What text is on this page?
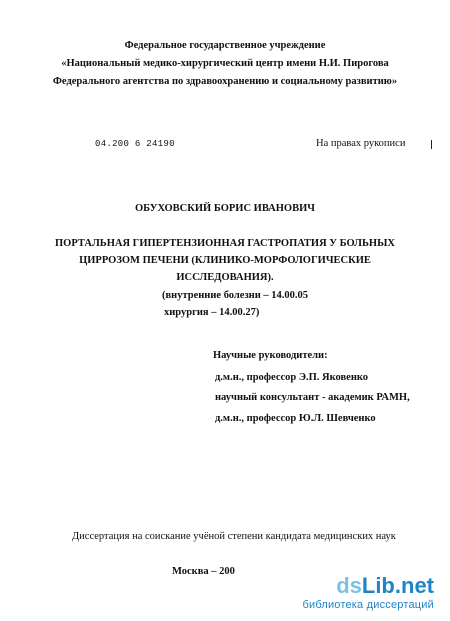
Федеральное государственное учреждение
«Национальный медико-хирургический центр имени Н.И. Пирогова
Федерального агентства по здравоохранению и социальному развитию»
04.200 6 24190	На правах рукописи
ОБУХОВСКИЙ БОРИС ИВАНОВИЧ
ПОРТАЛЬНАЯ ГИПЕРТЕНЗИОННАЯ ГАСТРОПАТИЯ У БОЛЬНЫХ
ЦИРРОЗОМ ПЕЧЕНИ (КЛИНИКО-МОРФОЛОГИЧЕСКИЕ
ИССЛЕДОВАНИЯ).
(внутренние болезни – 14.00.05
хирургия – 14.00.27)
Научные руководители:
д.м.н., профессор Э.П. Яковенко
научный консультант - академик РАМН,
д.м.н., профессор Ю.Л. Шевченко
Диссертация на соискание учёной степени кандидата медицинских наук
Москва – 200
dsLib.net
библиотека диссертаций
